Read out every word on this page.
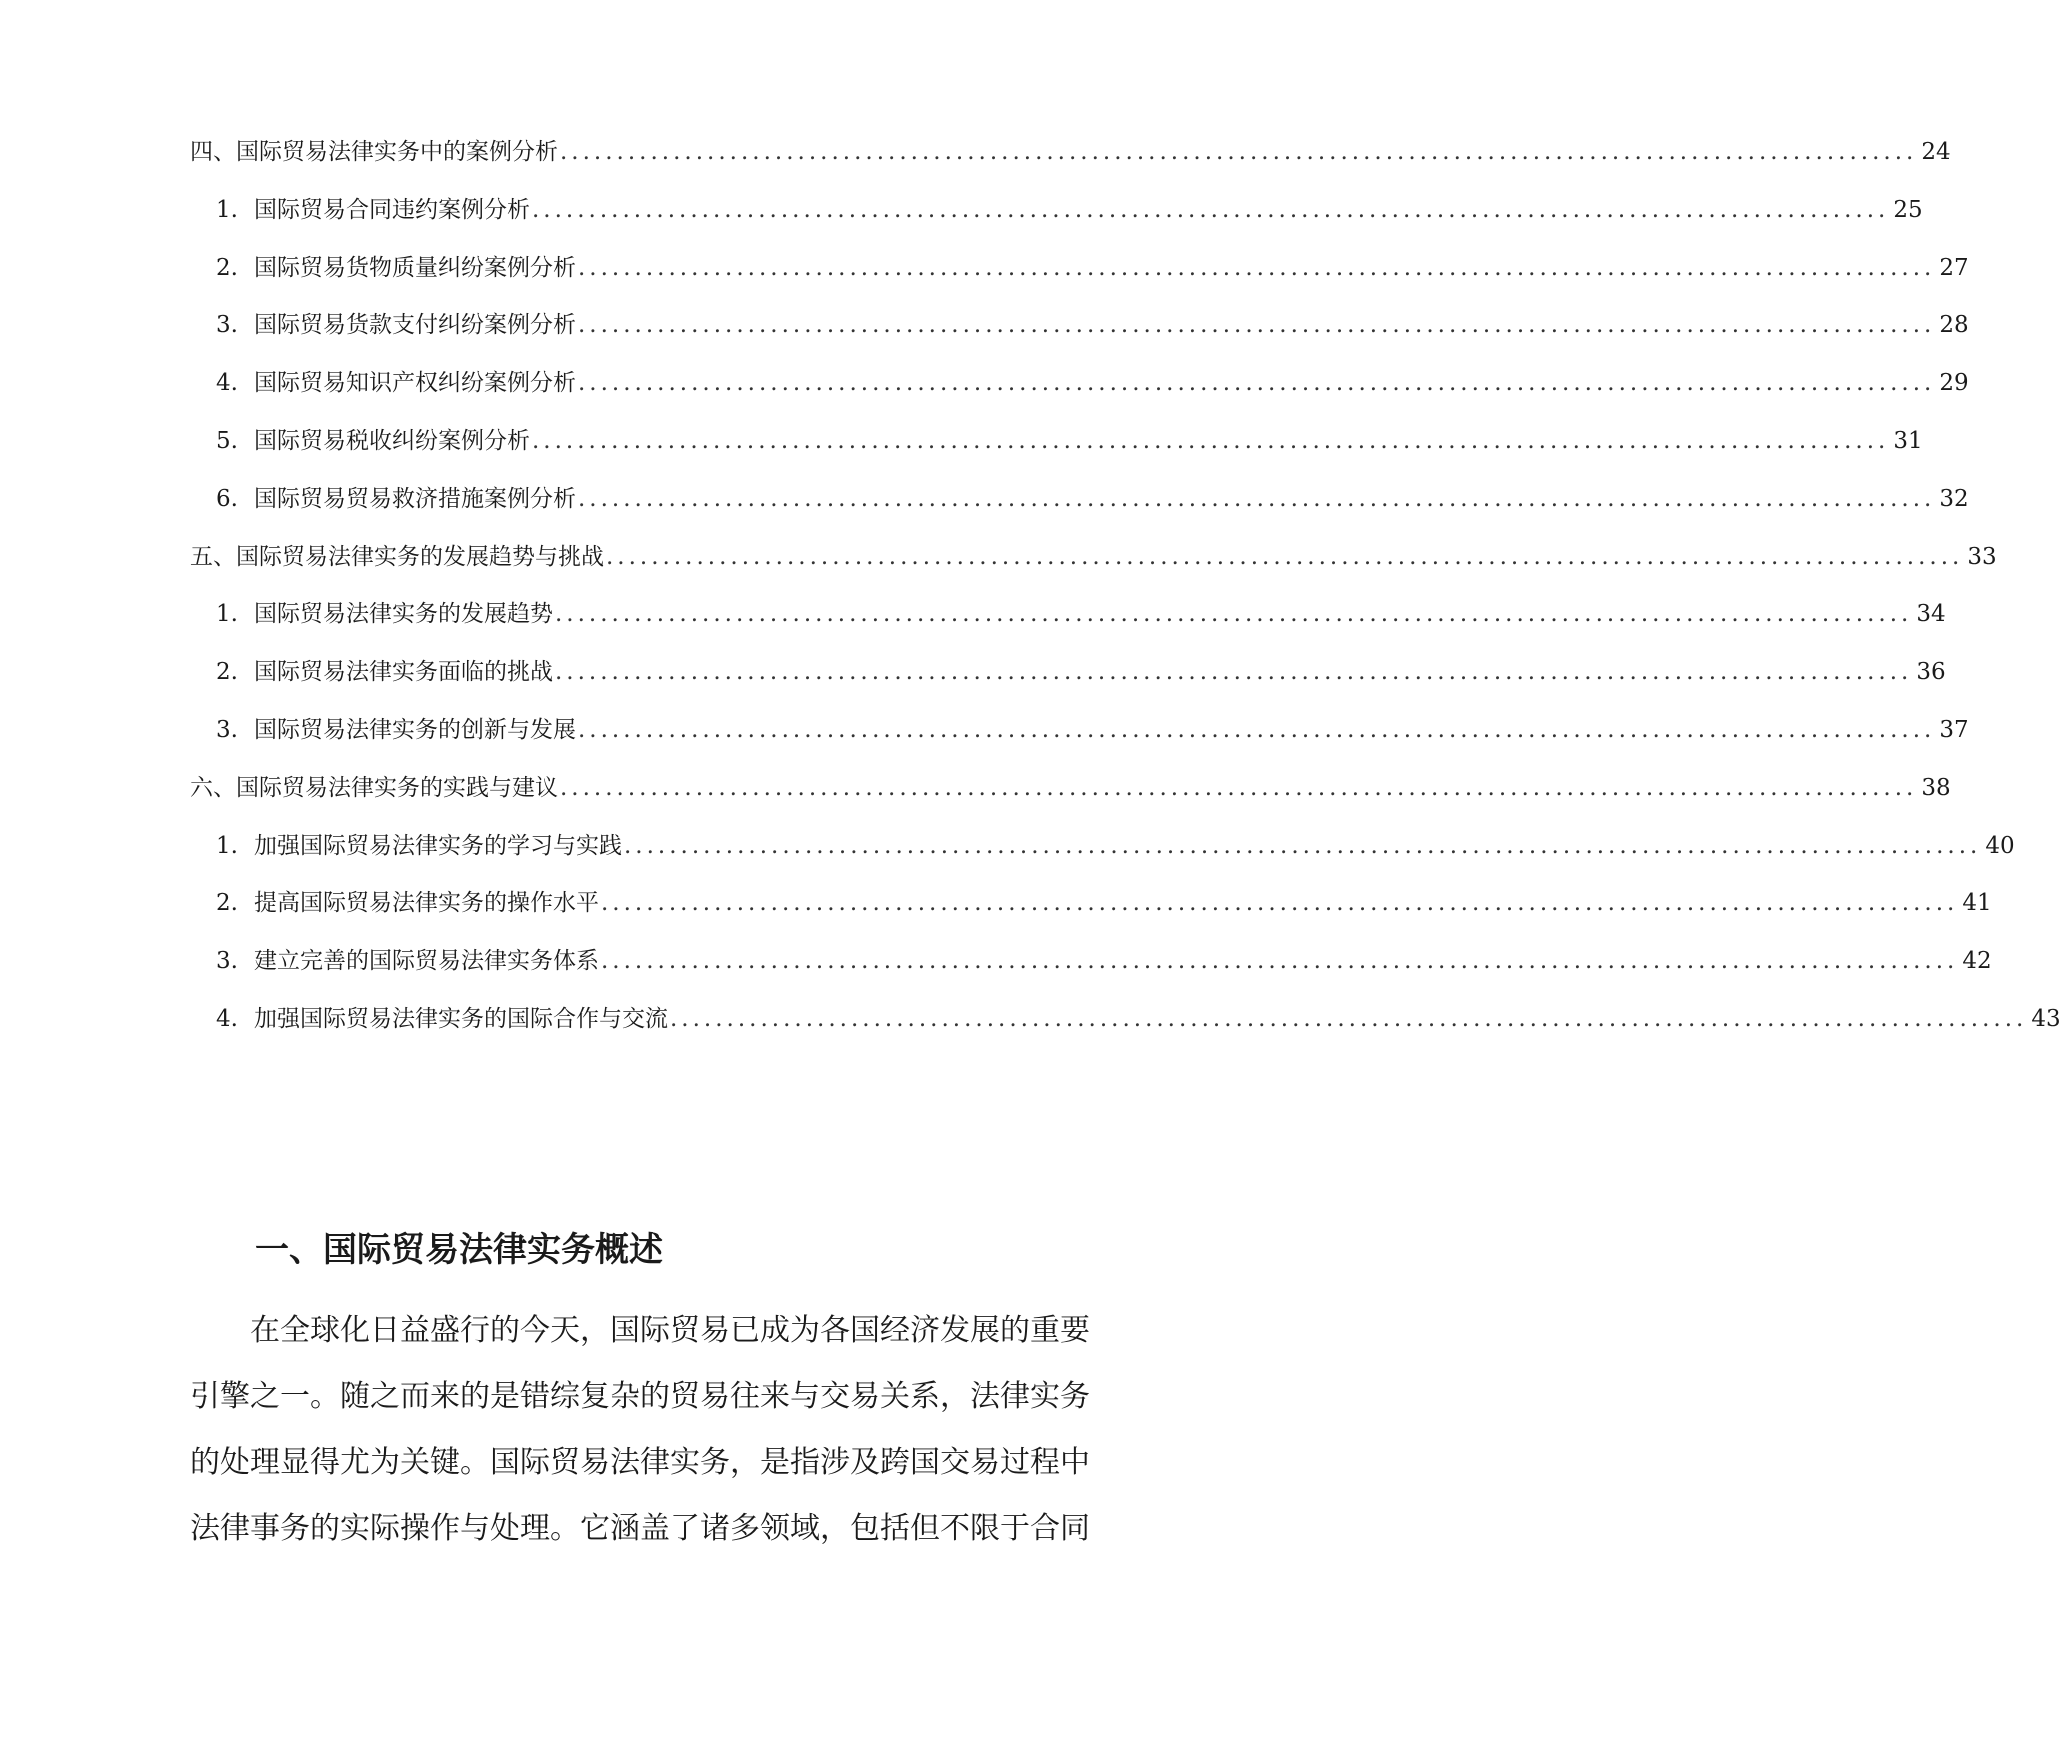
四、国际贸易法律实务中的案例分析 ........................................................................................................................ 24
1. 国际贸易合同违约案例分析 ........................................................................................................................ 25
2. 国际贸易货物质量纠纷案例分析 ........................................................................................................................ 27
3. 国际贸易货款支付纠纷案例分析 ........................................................................................................................ 28
4. 国际贸易知识产权纠纷案例分析 ........................................................................................................................ 29
5. 国际贸易税收纠纷案例分析 ........................................................................................................................ 31
6. 国际贸易贸易救济措施案例分析 ........................................................................................................................ 32
五、国际贸易法律实务的发展趋势与挑战 ........................................................................................................................ 33
1. 国际贸易法律实务的发展趋势 ........................................................................................................................ 34
2. 国际贸易法律实务面临的挑战 ........................................................................................................................ 36
3. 国际贸易法律实务的创新与发展 ........................................................................................................................ 37
六、国际贸易法律实务的实践与建议 ........................................................................................................................ 38
1. 加强国际贸易法律实务的学习与实践 ........................................................................................................................ 40
2. 提高国际贸易法律实务的操作水平 ........................................................................................................................ 41
3. 建立完善的国际贸易法律实务体系 ........................................................................................................................ 42
4. 加强国际贸易法律实务的国际合作与交流 ........................................................................................................................ 43
一、国际贸易法律实务概述
　　在全球化日益盛行的今天，国际贸易已成为各国经济发展的重要
引擎之一。随之而来的是错综复杂的贸易往来与交易关系，法律实务
的处理显得尤为关键。国际贸易法律实务，是指涉及跨国交易过程中
法律事务的实际操作与处理。它涵盖了诸多领域，包括但不限于合同
